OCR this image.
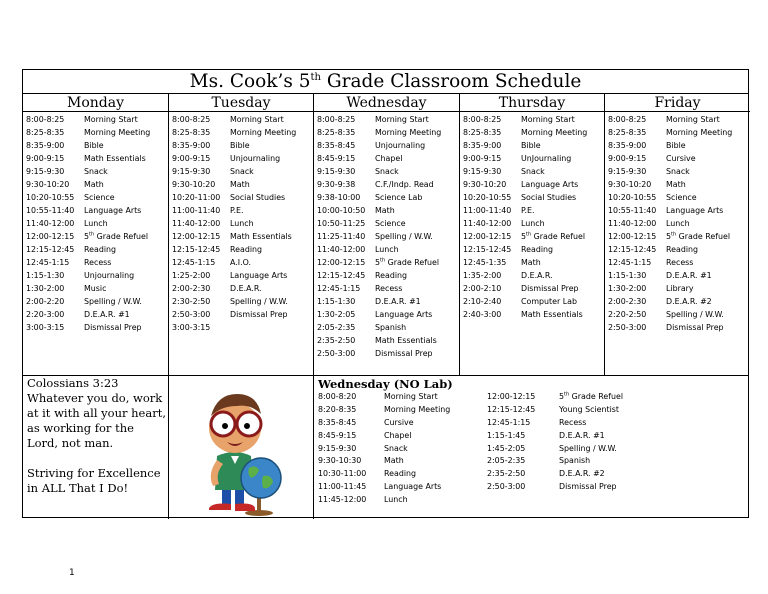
Ms. Cook’s 5th Grade Classroom Schedule
Monday
8:00-8:25 Morning Start
8:25-8:35 Morning Meeting
8:35-9:00 Bible
9:00-9:15 Math Essentials
9:15-9:30 Snack
9:30-10:20 Math
10:20-10:55 Science
10:55-11:40 Language Arts
11:40-12:00 Lunch
12:00-12:15 5th Grade Refuel
12:15-12:45 Reading
12:45-1:15 Recess
1:15-1:30 Unjournaling
1:30-2:00 Music
2:00-2:20 Spelling / W.W.
2:20-3:00 D.E.A.R. #1
3:00-3:15 Dismissal Prep
Tuesday
8:00-8:25 Morning Start
8:25-8:35 Morning Meeting
8:35-9:00 Bible
9:00-9:15 Unjournaling
9:15-9:30 Snack
9:30-10:20 Math
10:20-11:00 Social Studies
11:00-11:40 P.E.
11:40-12:00 Lunch
12:00-12:15 Math Essentials
12:15-12:45 Reading
12:45-1:15 A.I.O.
1:25-2:00 Language Arts
2:00-2:30 D.E.A.R.
2:30-2:50 Spelling / W.W.
2:50-3:00 Dismissal Prep
3:00-3:15
Wednesday
8:00-8:25 Morning Start
8:25-8:35 Morning Meeting
8:35-8:45 Unjournaling
8:45-9:15 Chapel
9:15-9:30 Snack
9:30-9:38 C.F./Indp. Read
9:38-10:00 Science Lab
10:00-10:50 Math
10:50-11:25 Science
11:25-11:40 Spelling / W.W.
11:40-12:00 Lunch
12:00-12:15 5th Grade Refuel
12:15-12:45 Reading
12:45-1:15 Recess
1:15-1:30 D.E.A.R. #1
1:30-2:05 Language Arts
2:05-2:35 Spanish
2:35-2:50 Math Essentials
2:50-3:00 Dismissal Prep
Thursday
8:00-8:25 Morning Start
8:25-8:35 Morning Meeting
8:35-9:00 Bible
9:00-9:15 UnJournaling
9:15-9:30 Snack
9:30-10:20 Language Arts
10:20-10:55 Social Studies
11:00-11:40 P.E.
11:40-12:00 Lunch
12:00-12:15 5th Grade Refuel
12:15-12:45 Reading
12:45-1:35 Math
1:35-2:00 D.E.A.R.
2:00-2:10 Dismissal Prep
2:10-2:40 Computer Lab
2:40-3:00 Math Essentials
Friday
8:00-8:25 Morning Start
8:25-8:35 Morning Meeting
8:35-9:00 Bible
9:00-9:15 Cursive
9:15-9:30 Snack
9:30-10:20 Math
10:20-10:55 Science
10:55-11:40 Language Arts
11:40-12:00 Lunch
12:00-12:15 5th Grade Refuel
12:15-12:45 Reading
12:45-1:15 Recess
1:15-1:30 D.E.A.R. #1
1:30-2:00 Library
2:00-2:30 D.E.A.R. #2
2:20-2:50 Spelling / W.W.
2:50-3:00 Dismissal Prep

Colossians 3:23

Whatever you do, work at it with all your heart, as working for the Lord, not man.

Striving for Excellence in ALL That I Do!

Wednesday (NO Lab)
8:00-8:20	Morning Start
8:20-8:35	Morning Meeting
8:35-8:45	Cursive
8:45-9:15	Chapel
9:15-9:30	Snack
9:30-10:30	Math
10:30-11:00 Reading
11:00-11:45 Language Arts
11:45-12:00 Lunch
12:00-12:15	5th Grade Refuel
12:15-12:45	Young Scientist
12:45-1:15	Recess
1:15-1:45	D.E.A.R. #1
1:45-2:05	Spelling / W.W.
2:05-2:35	Spanish
2:35-2:50	D.E.A.R. #2
2:50-3:00	Dismissal Prep
1
